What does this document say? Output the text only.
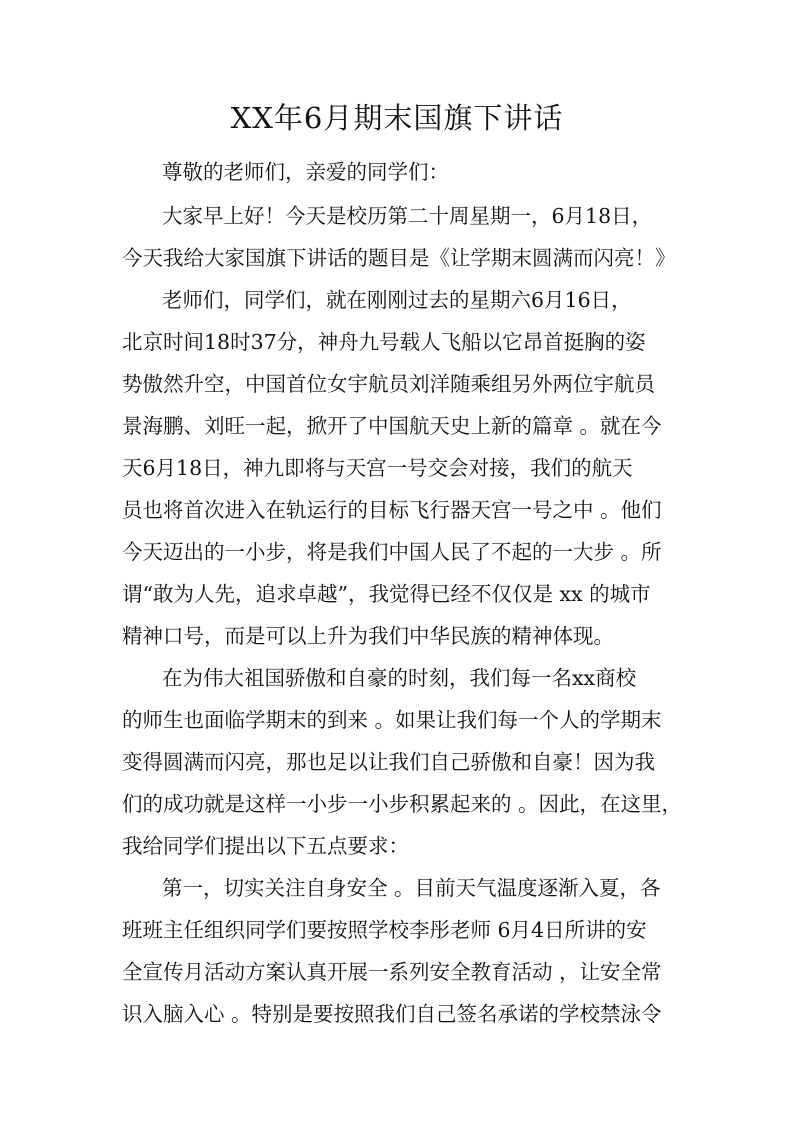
XX年6月期末国旗下讲话
尊敬的老师们，亲爱的同学们：
大家早上好！今天是校历第二十周星期一，6月18日，
今天我给大家国旗下讲话的题目是《让学期末圆满而闪亮！》
老师们，同学们，就在刚刚过去的星期六6月16日，
北京时间18时37分，神舟九号载人飞船以它昂首挺胸的姿
势傲然升空，中国首位女宇航员刘洋随乘组另外两位宇航员
景海鹏、刘旺一起，掀开了中国航天史上新的篇章 。就在今
天6月18日，神九即将与天宫一号交会对接，我们的航天
员也将首次进入在轨运行的目标飞行器天宫一号之中 。他们
今天迈出的一小步，将是我们中国人民了不起的一大步 。所
谓“敢为人先，追求卓越”，我觉得已经不仅仅是 xx 的城市
精神口号，而是可以上升为我们中华民族的精神体现。
在为伟大祖国骄傲和自豪的时刻，我们每一名xx商校
的师生也面临学期末的到来 。如果让我们每一个人的学期末
变得圆满而闪亮，那也足以让我们自己骄傲和自豪！因为我
们的成功就是这样一小步一小步积累起来的 。因此，在这里，
我给同学们提出以下五点要求：
第一，切实关注自身安全 。目前天气温度逐渐入夏，各
班班主任组织同学们要按照学校李彤老师 6月4日所讲的安
全宣传月活动方案认真开展一系列安全教育活动 ，让安全常
识入脑入心 。特别是要按照我们自己签名承诺的学校禁泳令
